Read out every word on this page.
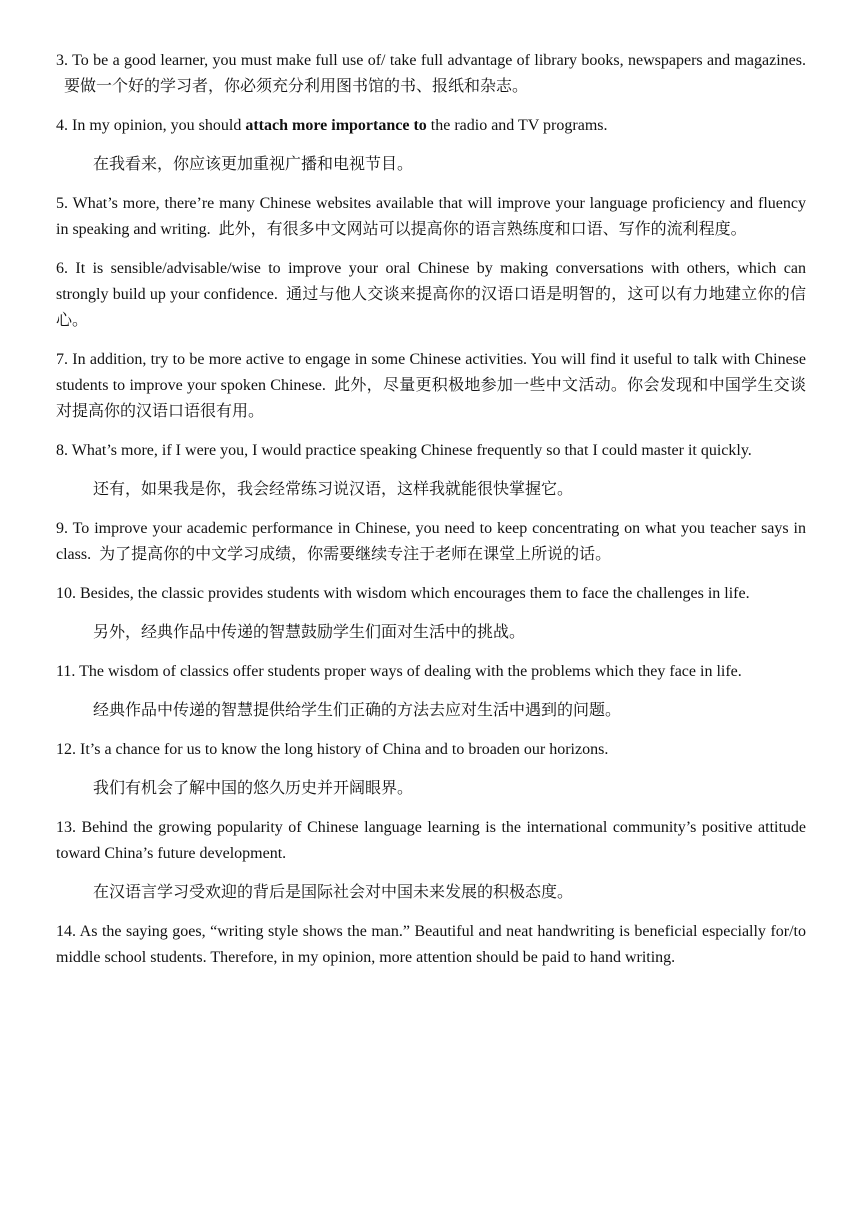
3. To be a good learner, you must make full use of/ take full advantage of library books, newspapers and magazines.要做一个好的学习者，你必须充分利用图书馆的书、报纸和杂志。

4. In my opinion, you should attach more importance to the radio and TV programs.

在我看来，你应该更加重视广播和电视节目。

5. What’s more, there’re many Chinese websites available that will improve your language proficiency and fluency in speaking and writing. 此外，有很多中文网站可以提高你的语言熟练度和口语、写作的流利程度。

6. It is sensible/advisable/wise to improve your oral Chinese by making conversations with others, which can strongly build up your confidence. 通过与他人交谈来提高你的汉语口语是明智的，这可以有力地建立你的信心。

7. In addition, try to be more active to engage in some Chinese activities. You will find it useful to talk with Chinese students to improve your spoken Chinese. 此外，尽量更积极地参加一些中文活动。你会发现和中国学生交谈对提高你的汉语口语很有用。

8. What’s more, if I were you, I would practice speaking Chinese frequently so that I could master it quickly.

还有，如果我是你，我会经常练习说汉语，这样我就能很快掌握它。

9. To improve your academic performance in Chinese, you need to keep concentrating on what you teacher says in class. 为了提高你的中文学习成绩，你需要继续专注于老师在课堂上所说的话。

10. Besides, the classic provides students with wisdom which encourages them to face the challenges in life.

另外，经典作品中传递的智慧鼓励学生们面对生活中的挑战。

11. The wisdom of classics offer students proper ways of dealing with the problems which they face in life.

经典作品中传递的智慧提供给学生们正确的方法去应对生活中遇到的问题。

12. It’s a chance for us to know the long history of China and to broaden our horizons.

我们有机会了解中国的悠久历史并开阔眼界。

13. Behind the growing popularity of Chinese language learning is the international community’s positive attitude toward China’s future development.

在汉语言学习受欢迎的背后是国际社会对中国未来发展的积极态度。

14. As the saying goes, “writing style shows the man.” Beautiful and neat handwriting is beneficial especially for/to middle school students. Therefore, in my opinion, more attention should be paid to hand writing.
